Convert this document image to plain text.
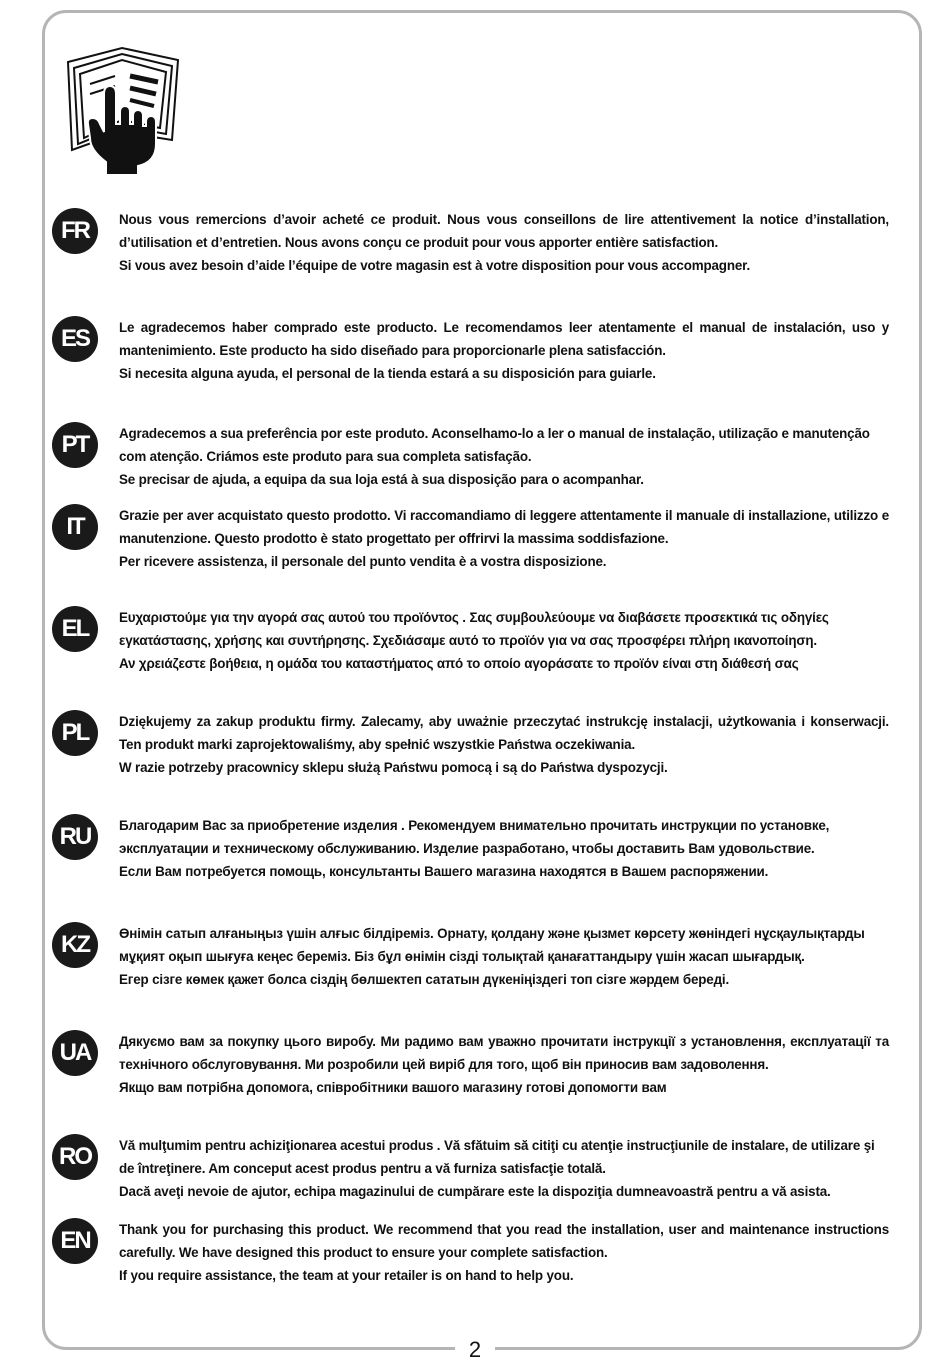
FR	Nous vous remercions d’avoir acheté ce produit. Nous vous conseillons de lire attentivement la notice d’installation, d’utilisation et d’entretien. Nous avons conçu ce produit pour vous apporter entière satisfaction.

Si vous avez besoin d’aide l’équipe de votre magasin est à votre disposition pour vous accompagner.

ES	Le agradecemos haber comprado este producto. Le recomendamos leer atentamente el manual de instalación, uso y mantenimiento. Este producto ha sido diseñado para proporcionarle plena satisfacción.

Si necesita alguna ayuda, el personal de la tienda estará a su disposición para guiarle.

PT	Agradecemos a sua preferência por este produto. Aconselhamo-lo a ler o manual de instalação, utilização e manutenção com atenção. Criámos este produto para sua completa satisfação.

Se precisar de ajuda, a equipa da sua loja está à sua disposição para o acompanhar.

IT	Grazie per aver acquistato questo prodotto. Vi raccomandiamo di leggere attentamente il manuale di installazione, utilizzo e manutenzione. Questo prodotto è stato progettato per offrirvi la massima soddisfazione.

Per ricevere assistenza, il personale del punto vendita è a vostra disposizione.

EL	Ευχαριστούμε για την αγορά σας αυτού του προϊόντος . Σας συμβουλεύουμε να διαβάσετε προσεκτικά τις οδηγίες εγκατάστασης, χρήσης και συντήρησης. Σχεδιάσαμε αυτό το προϊόν για να σας προσφέρει πλήρη ικανοποίηση.

Αν χρειάζεστε βοήθεια, η ομάδα του καταστήματος από το οποίο αγοράσατε το προϊόν είναι στη διάθεσή σας

PL	Dziękujemy za zakup produktu firmy. Zalecamy, aby uważnie przeczytać instrukcję instalacji, użytkowania i konserwacji. Ten produkt marki zaprojektowaliśmy, aby spełnić wszystkie Państwa oczekiwania.

W razie potrzeby pracownicy sklepu służą Państwu pomocą i są do Państwa dyspozycji.

RU	Благодарим Вас за приобретение изделия . Рекомендуем внимательно прочитать инструкции по установке, эксплуатации и техническому обслуживанию. Изделие разработано, чтобы доставить Вам удовольствие.

Если Вам потребуется помощь, консультанты Вашего магазина находятся в Вашем распоряжении.

KZ	Өнімін сатып алғаныңыз үшін алғыс білдіреміз. Орнату, қолдану және қызмет көрсету жөніндегі нұсқаулықтарды мұқият оқып шығуға кеңес береміз. Біз бұл өнімін сізді толықтай қанағаттандыру үшін жасап шығардық.

Егер сізге көмек қажет болса сіздің бөлшектеп сататын дүкеніңіздегі топ сізге жәрдем береді.

UA	Дякуємо вам за покупку цього виробу. Ми радимо вам уважно прочитати інструкції з установлення, експлуатації та технічного обслуговування. Ми розробили цей виріб для того, щоб він приносив вам задоволення.

Якщо вам потрібна допомога, співробітники вашого магазину готові допомогти вам

RO	Vă mulţumim pentru achiziţionarea acestui produs . Vă sfătuim să citiţi cu atenţie instrucţiunile de instalare, de utilizare şi de întreţinere. Am conceput acest produs pentru a vă furniza satisfacţie totală.

Dacă aveţi nevoie de ajutor, echipa magazinului de cumpărare este la dispoziţia dumneavoastră pentru a vă asista.

EN	Thank you for purchasing this product. We recommend that you read the installation, user and maintenance instructions carefully. We have designed this product to ensure your complete satisfaction.

If you require assistance, the team at your retailer is on hand to help you.

2
